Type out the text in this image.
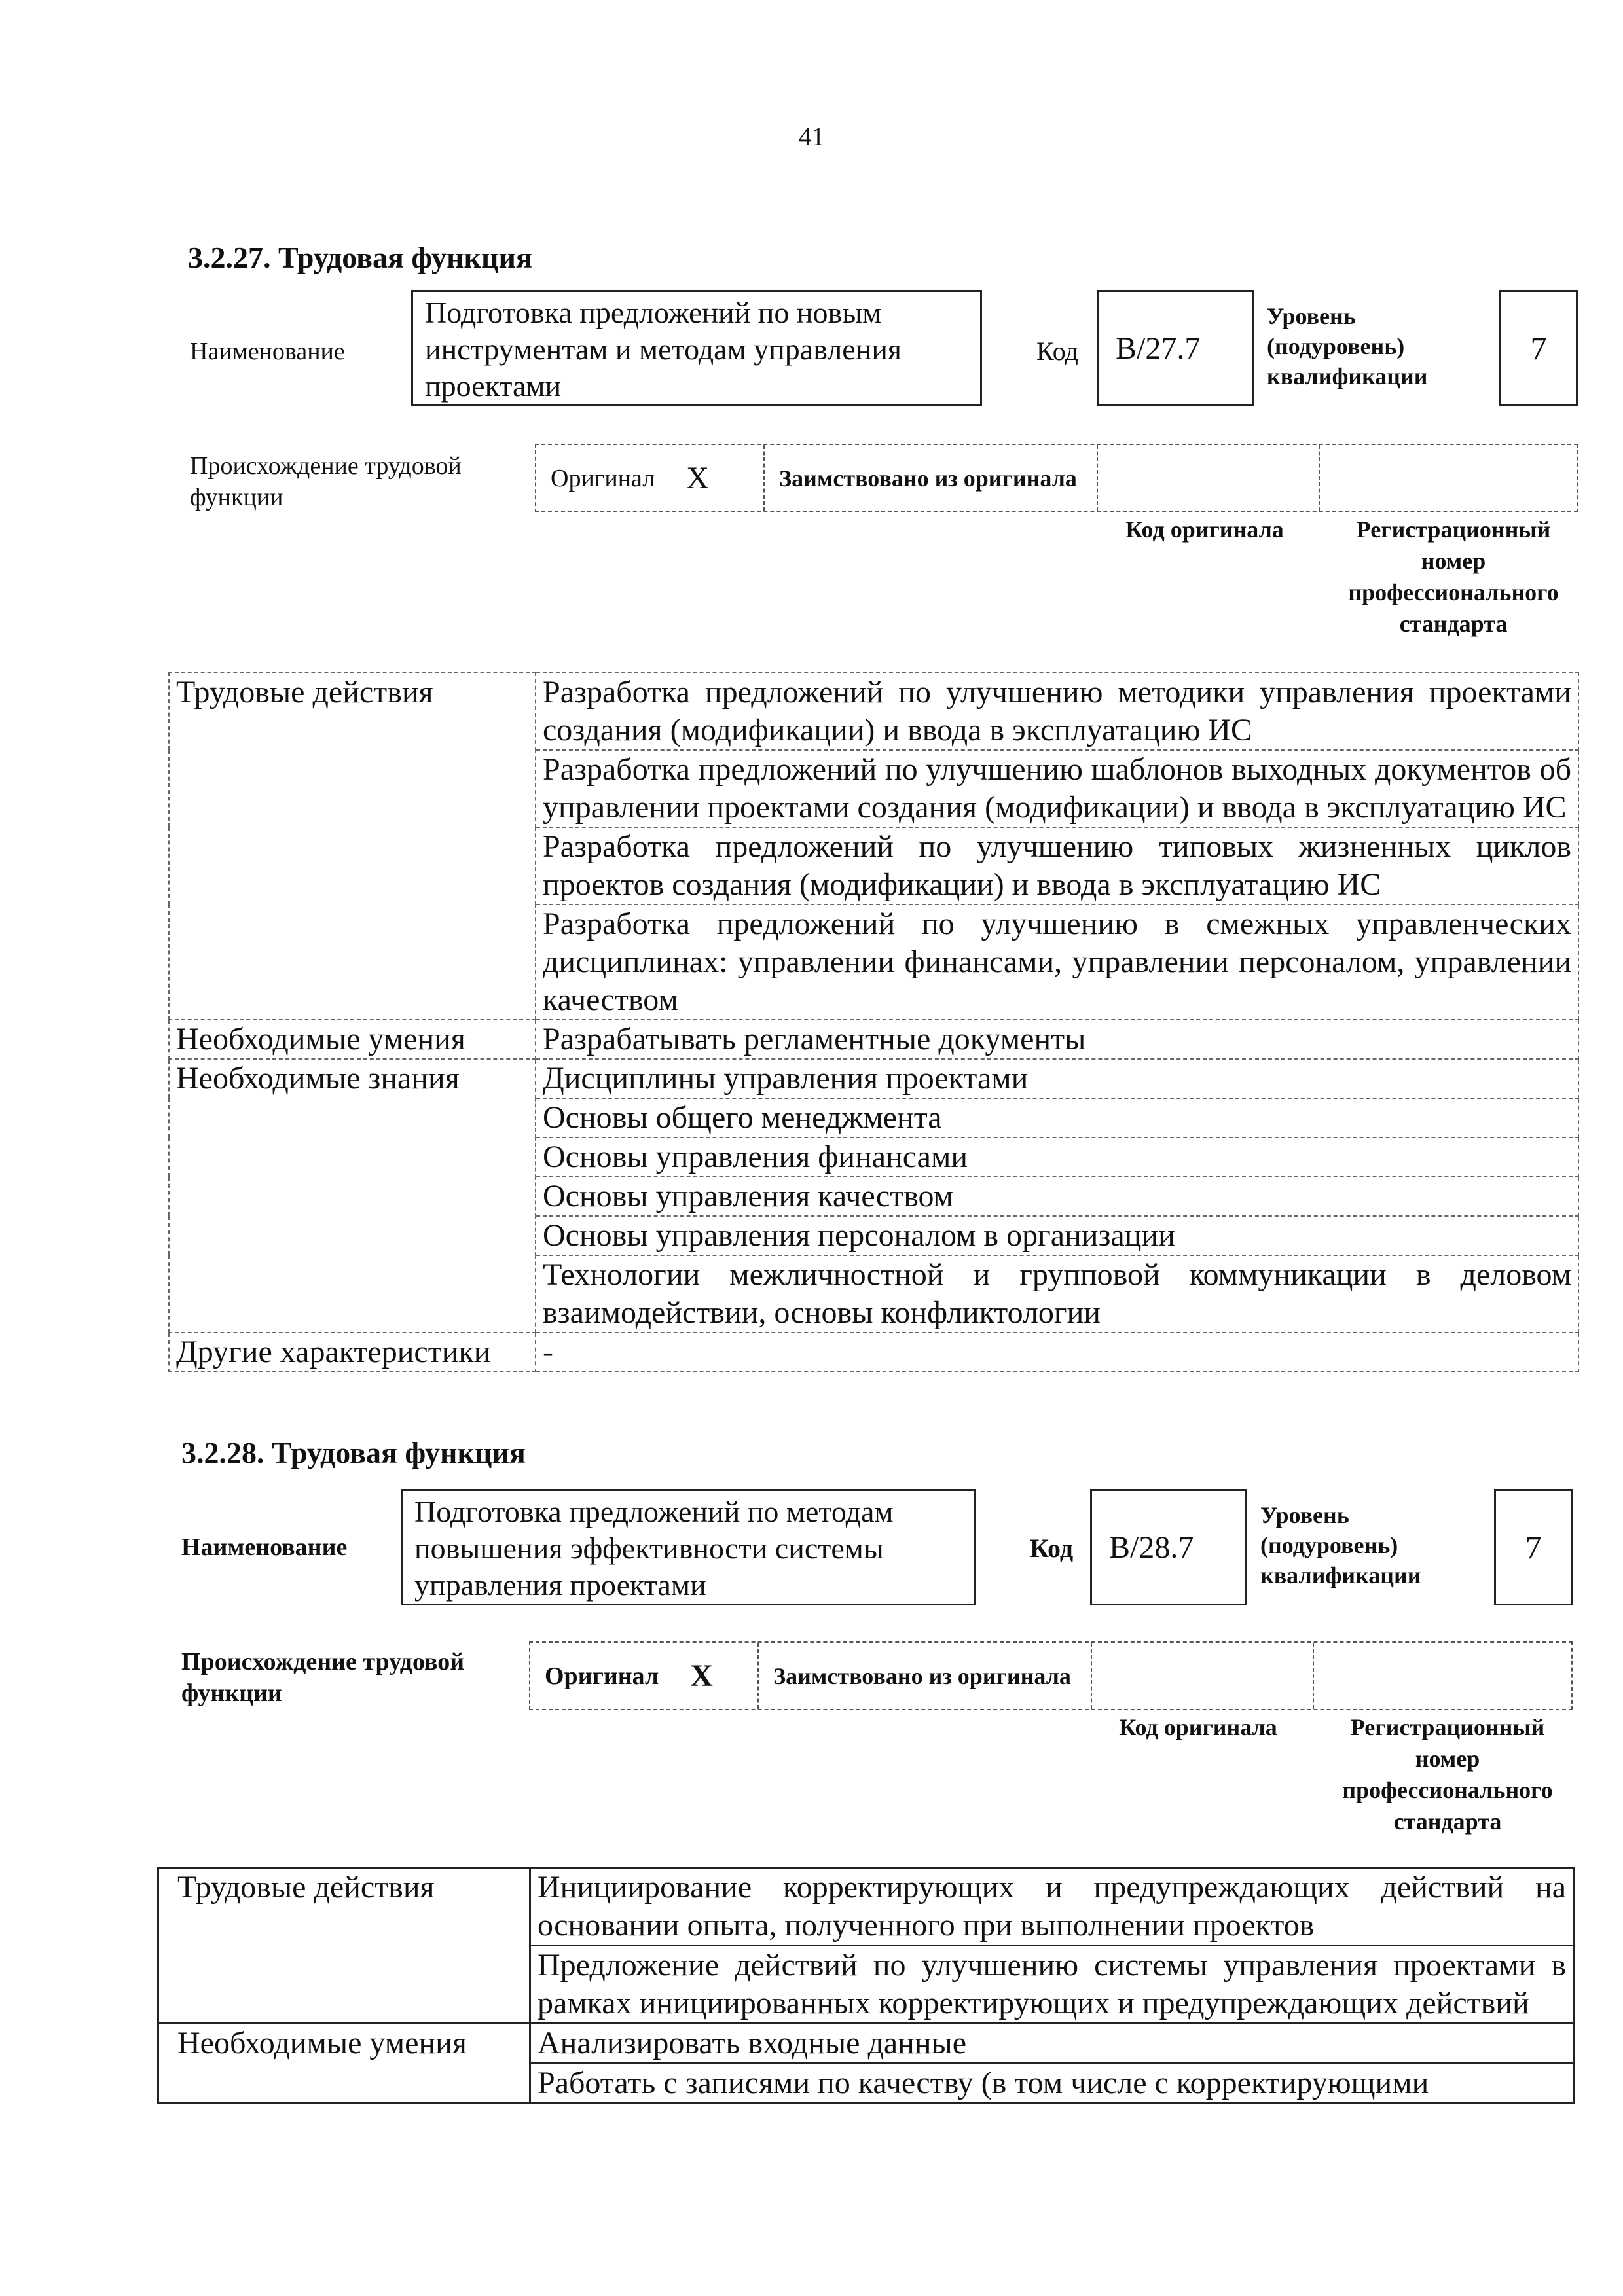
41
3.2.27. Трудовая функция
Наименование
Подготовка предложений по новым инструментам и методам управления проектами
Код В/27.7
Уровень (подуровень) квалификации
7
Происхождение трудовой функции
Оригинал X	Заимствовано из оригинала
Код оригинала	Регистрационный номер профессионального стандарта
Трудовые действия	Разработка предложений по улучшению методики управления проектами создания (модификации) и ввода в эксплуатацию ИС
	Разработка предложений по улучшению шаблонов выходных документов об управлении проектами создания (модификации) и ввода в эксплуатацию ИС
	Разработка предложений по улучшению типовых жизненных циклов проектов создания (модификации) и ввода в эксплуатацию ИС
	Разработка предложений по улучшению в смежных управленческих дисциплинах: управлении финансами, управлении персоналом, управлении качеством
Необходимые умения	Разрабатывать регламентные документы
Необходимые знания	Дисциплины управления проектами
	Основы общего менеджмента
	Основы управления финансами
	Основы управления качеством
	Основы управления персоналом в организации
	Технологии межличностной и групповой коммуникации в деловом взаимодействии, основы конфликтологии
Другие характеристики	-
3.2.28. Трудовая функция
Наименование
Подготовка предложений по методам повышения эффективности системы управления проектами
Код В/28.7
Уровень (подуровень) квалификации
7
Происхождение трудовой функции
Оригинал X	Заимствовано из оригинала
Код оригинала	Регистрационный номер профессионального стандарта
Трудовые действия	Инициирование корректирующих и предупреждающих действий на основании опыта, полученного при выполнении проектов
	Предложение действий по улучшению системы управления проектами в рамках инициированных корректирующих и предупреждающих действий
Необходимые умения	Анализировать входные данные
	Работать с записями по качеству (в том числе с корректирующими
